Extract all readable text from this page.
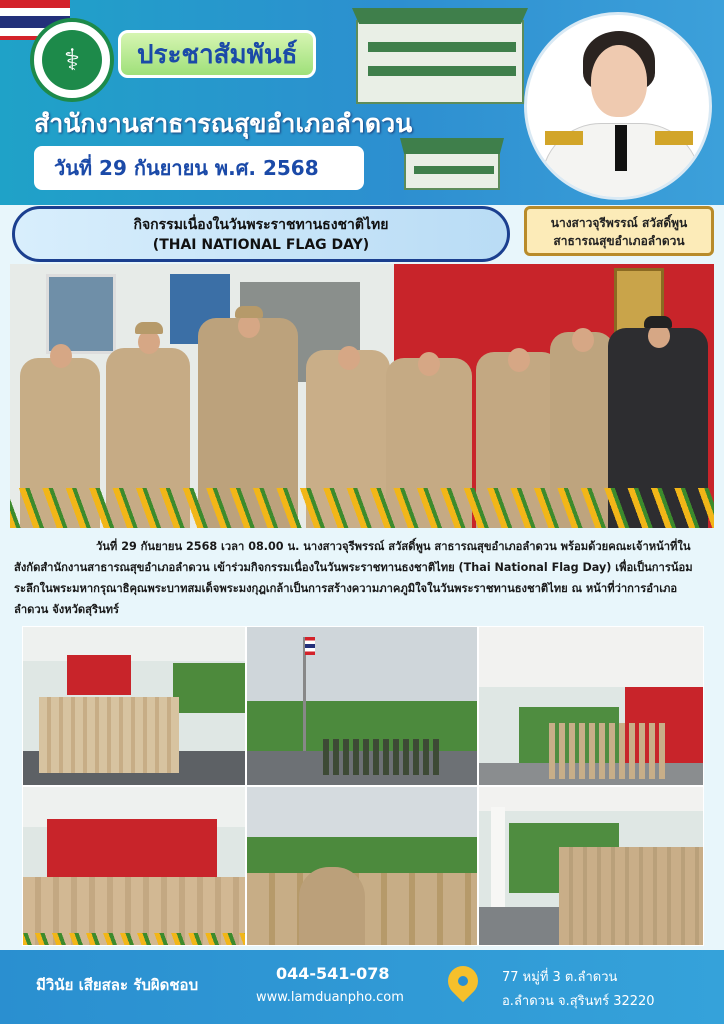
⚕	ประชาสัมพันธ์
สำนักงานสาธารณสุขอำเภอลำดวน
วันที่ 29 กันยายน พ.ศ. 2568
กิจกรรมเนื่องในวันพระราชทานธงชาติไทย
(THAI NATIONAL FLAG DAY)
นางสาวจุรีพรรณ์ สวัสดิ์พูน
สาธารณสุขอำเภอลำดวน
วันที่ 29 กันยายน 2568 เวลา 08.00 น. นางสาวจุรีพรรณ์ สวัสดิ์พูน สาธารณสุขอำเภอลำดวน พร้อมด้วยคณะเจ้าหน้าที่ในสังกัดสำนักงานสาธารณสุขอำเภอลำดวน เข้าร่วมกิจกรรมเนื่องในวันพระราชทานธงชาติไทย (Thai National Flag Day) เพื่อเป็นการน้อมระลึกในพระมหากรุณาธิคุณพระบาทสมเด็จพระมงกุฎเกล้าเป็นการสร้างความภาคภูมิใจในวันพระราชทานธงชาติไทย ณ หน้าที่ว่าการอำเภอลำดวน จังหวัดสุรินทร์
มีวินัย เสียสละ รับผิดชอบ
044-541-078
www.lamduanpho.com
77 หมู่ที่ 3 ต.ลำดวน
อ.ลำดวน จ.สุรินทร์ 32220
